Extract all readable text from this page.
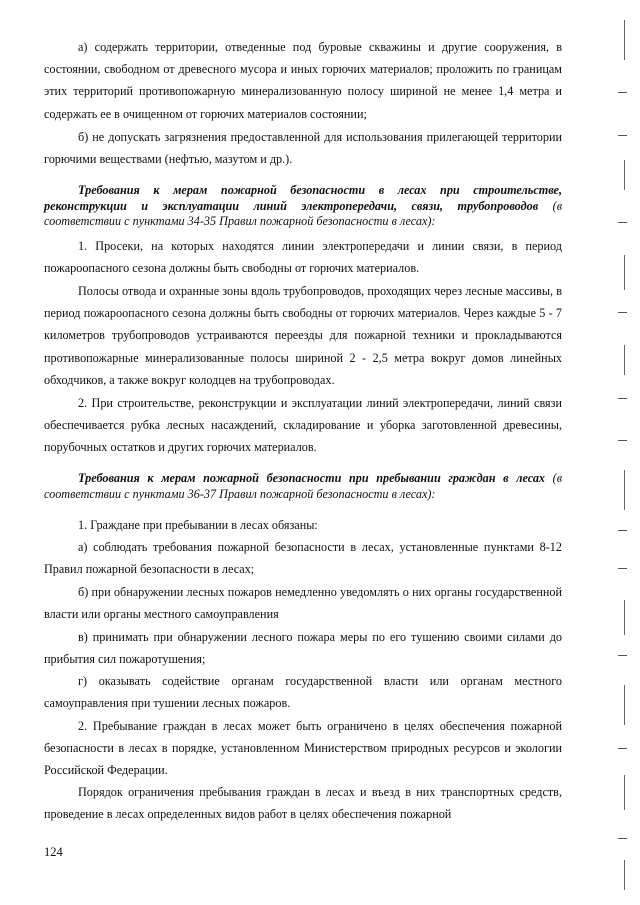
а) содержать территории, отведенные под буровые скважины и другие сооружения, в состоянии, свободном от древесного мусора и иных горючих материалов; проложить по границам этих территорий противопожарную минерализованную полосу шириной не менее 1,4 метра и содержать ее в очищенном от горючих материалов состоянии;

б) не допускать загрязнения предоставленной для использования прилегающей территории горючими веществами (нефтью, мазутом и др.).

Требования к мерам пожарной безопасности в лесах при строительстве, реконструкции и эксплуатации линий электропередачи, связи, трубопроводов (в соответствии с пунктами 34-35 Правил пожарной безопасности в лесах):

1. Просеки, на которых находятся линии электропередачи и линии связи, в период пожароопасного сезона должны быть свободны от горючих материалов.

Полосы отвода и охранные зоны вдоль трубопроводов, проходящих через лесные массивы, в период пожароопасного сезона должны быть свободны от горючих материалов. Через каждые 5 - 7 километров трубопроводов устраиваются переезды для пожарной техники и прокладываются противопожарные минерализованные полосы шириной 2 - 2,5 метра вокруг домов линейных обходчиков, а также вокруг колодцев на трубопроводах.

2. При строительстве, реконструкции и эксплуатации линий электропередачи, линий связи обеспечивается рубка лесных насаждений, складирование и уборка заготовленной древесины, порубочных остатков и других горючих материалов.

Требования к мерам пожарной безопасности при пребывании граждан в лесах (в соответствии с пунктами 36-37 Правил пожарной безопасности в лесах):

1. Граждане при пребывании в лесах обязаны:

а) соблюдать требования пожарной безопасности в лесах, установленные пунктами 8-12 Правил пожарной безопасности в лесах;

б) при обнаружении лесных пожаров немедленно уведомлять о них органы государственной власти или органы местного самоуправления

в) принимать при обнаружении лесного пожара меры по его тушению своими силами до прибытия сил пожаротушения;

г) оказывать содействие органам государственной власти или органам местного самоуправления при тушении лесных пожаров.

2. Пребывание граждан в лесах может быть ограничено в целях обеспечения пожарной безопасности в лесах в порядке, установленном Министерством природных ресурсов и экологии Российской Федерации.

Порядок ограничения пребывания граждан в лесах и въезд в них транспортных средств, проведение в лесах определенных видов работ в целях обеспечения пожарной

124
